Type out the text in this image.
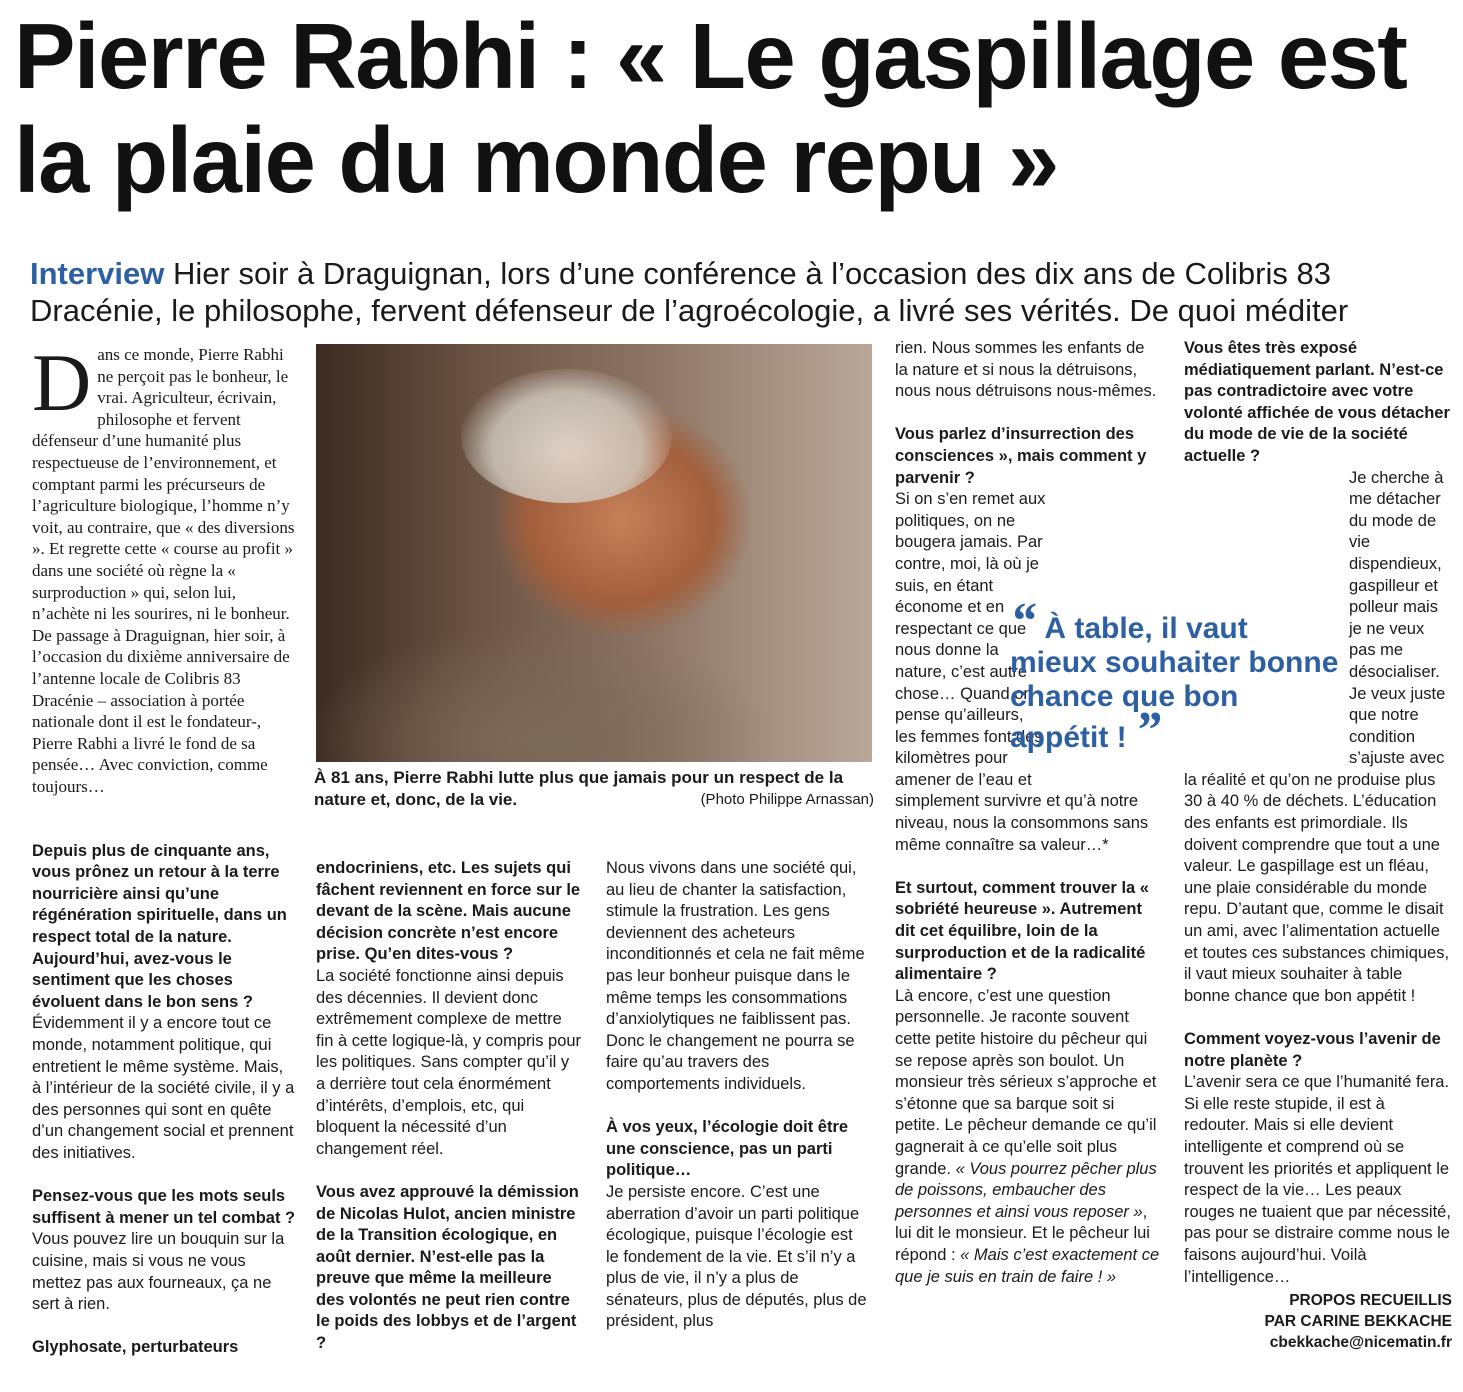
Pierre Rabhi : « Le gaspillage est la plaie du monde repu »

Interview Hier soir à Draguignan, lors d’une conférence à l’occasion des dix ans de Colibris 83 Dracénie, le philosophe, fervent défenseur de l’agroécologie, a livré ses vérités. De quoi méditer

Dans ce monde, Pierre Rabhi ne perçoit pas le bonheur, le vrai. Agriculteur, écrivain, philosophe et fervent défenseur d’une humanité plus respectueuse de l’environnement, et comptant parmi les précurseurs de l’agriculture biologique, l’homme n’y voit, au contraire, que « des diversions ». Et regrette cette « course au profit » dans une société où règne la « surproduction » qui, selon lui, n’achète ni les sourires, ni le bonheur. De passage à Draguignan, hier soir, à l’occasion du dixième anniversaire de l’antenne locale de Colibris 83 Dracénie – association à portée nationale dont il est le fondateur-, Pierre Rabhi a livré le fond de sa pensée… Avec conviction, comme toujours…

Depuis plus de cinquante ans, vous prônez un retour à la terre nourricière ainsi qu’une régénération spirituelle, dans un respect total de la nature. Aujourd’hui, avez-vous le sentiment que les choses évoluent dans le bon sens ?

Évidemment il y a encore tout ce monde, notamment politique, qui entretient le même système. Mais, à l’intérieur de la société civile, il y a des personnes qui sont en quête d’un changement social et prennent des initiatives.

Pensez-vous que les mots seuls suffisent à mener un tel combat ?

Vous pouvez lire un bouquin sur la cuisine, mais si vous ne vous mettez pas aux fourneaux, ça ne sert à rien.

Glyphosate, perturbateurs

À 81 ans, Pierre Rabhi lutte plus que jamais pour un respect de la nature et, donc, de la vie.	(Photo Philippe Arnassan)

endocriniens, etc. Les sujets qui fâchent reviennent en force sur le devant de la scène. Mais aucune décision concrète n’est encore prise. Qu’en dites-vous ?

La société fonctionne ainsi depuis des décennies. Il devient donc extrêmement complexe de mettre fin à cette logique-là, y compris pour les politiques. Sans compter qu’il y a derrière tout cela énormément d’intérêts, d’emplois, etc, qui bloquent la nécessité d’un changement réel.

Vous avez approuvé la démission de Nicolas Hulot, ancien ministre de la Transition écologique, en août dernier. N’est-elle pas la preuve que même la meilleure des volontés ne peut rien contre le poids des lobbys et de l’argent ?

Nous vivons dans une société qui, au lieu de chanter la satisfaction, stimule la frustration. Les gens deviennent des acheteurs inconditionnés et cela ne fait même pas leur bonheur puisque dans le même temps les consommations d’anxiolytiques ne faiblissent pas. Donc le changement ne pourra se faire qu’au travers des comportements individuels.

À vos yeux, l’écologie doit être une conscience, pas un parti politique…

Je persiste encore. C’est une aberration d’avoir un parti politique écologique, puisque l’écologie est le fondement de la vie. Et s’il n’y a plus de vie, il n’y a plus de sénateurs, plus de députés, plus de président, plus

rien. Nous sommes les enfants de la nature et si nous la détruisons, nous nous détruisons nous-mêmes.

Vous parlez d’insurrection des consciences », mais comment y parvenir ?

Si on s’en remet aux politiques, on ne bougera jamais. Par contre, moi, là où je suis, en étant économe et en respectant ce que nous donne la nature, c’est autre chose… Quand on pense qu’ailleurs, les femmes font des kilomètres pour amener de l’eau et simplement survivre et qu’à notre niveau, nous la consommons sans même connaître sa valeur…*

Et surtout, comment trouver la « sobriété heureuse ». Autrement dit cet équilibre, loin de la surproduction et de la radicalité alimentaire ?

Là encore, c’est une question personnelle. Je raconte souvent cette petite histoire du pêcheur qui se repose après son boulot. Un monsieur très sérieux s’approche et s’étonne que sa barque soit si petite. Le pêcheur demande ce qu’il gagnerait à ce qu’elle soit plus grande. « Vous pourrez pêcher plus de poissons, embaucher des personnes et ainsi vous reposer », lui dit le monsieur. Et le pêcheur lui répond : « Mais c’est exactement ce que je suis en train de faire ! »

Vous êtes très exposé médiatiquement parlant. N’est-ce pas contradictoire avec votre volonté affichée de vous détacher du mode de vie de la société actuelle ?

Je cherche à me détacher du mode de vie dispendieux, gaspilleur et polleur mais je ne veux pas me désocialiser. Je veux juste que notre condition s’ajuste avec la réalité et qu’on ne produise plus 30 à 40 % de déchets. L’éducation des enfants est primordiale. Ils doivent comprendre que tout a une valeur. Le gaspillage est un fléau, une plaie considérable du monde repu. D’autant que, comme le disait un ami, avec l’alimentation actuelle et toutes ces substances chimiques, il vaut mieux souhaiter à table bonne chance que bon appétit !

Comment voyez-vous l’avenir de notre planète ?

L’avenir sera ce que l’humanité fera. Si elle reste stupide, il est à redouter. Mais si elle devient intelligente et comprend où se trouvent les priorités et appliquent le respect de la vie… Les peaux rouges ne tuaient que par nécessité, pas pour se distraire comme nous le faisons aujourd’hui. Voilà l’intelligence…

“ À table, il vaut mieux souhaiter bonne chance que bon appétit ! ”
PROPOS RECUEILLIS
PAR CARINE BEKKACHE
cbekkache@nicematin.fr
